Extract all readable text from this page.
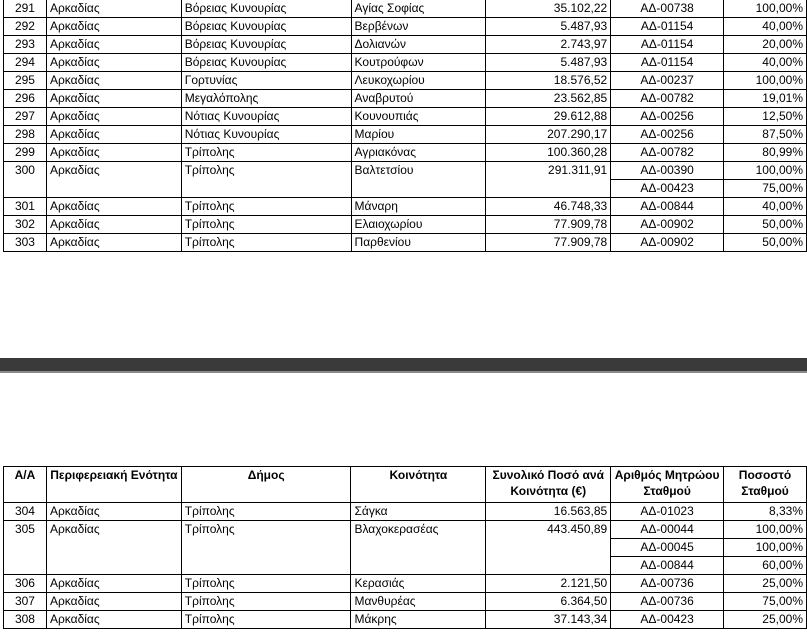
291	Αρκαδίας	Βόρειας Κυνουρίας	Αγίας Σοφίας	35.102,22	ΑΔ-00738	100,00%
292	Αρκαδίας	Βόρειας Κυνουρίας	Βερβένων	5.487,93	ΑΔ-01154	40,00%
293	Αρκαδίας	Βόρειας Κυνουρίας	Δολιανών	2.743,97	ΑΔ-01154	20,00%
294	Αρκαδίας	Βόρειας Κυνουρίας	Κουτρούφων	5.487,93	ΑΔ-01154	40,00%
295	Αρκαδίας	Γορτυνίας	Λευκοχωρίου	18.576,52	ΑΔ-00237	100,00%
296	Αρκαδίας	Μεγαλόπολης	Αναβρυτού	23.562,85	ΑΔ-00782	19,01%
297	Αρκαδίας	Νότιας Κυνουρίας	Κουνουπιάς	29.612,88	ΑΔ-00256	12,50%
298	Αρκαδίας	Νότιας Κυνουρίας	Μαρίου	207.290,17	ΑΔ-00256	87,50%
299	Αρκαδίας	Τρίπολης	Αγριακόνας	100.360,28	ΑΔ-00782	80,99%
300	Αρκαδίας	Τρίπολης	Βαλτετσίου	291.311,91	ΑΔ-00390	100,00%
					ΑΔ-00423	75,00%
301	Αρκαδίας	Τρίπολης	Μάναρη	46.748,33	ΑΔ-00844	40,00%
302	Αρκαδίας	Τρίπολης	Ελαιοχωρίου	77.909,78	ΑΔ-00902	50,00%
303	Αρκαδίας	Τρίπολης	Παρθενίου	77.909,78	ΑΔ-00902	50,00%
Α/Α	Περιφερειακή Ενότητα	Δήμος	Κοινότητα	Συνολικό Ποσό ανά Κοινότητα (€)	Αριθμός Μητρώου Σταθμού	Ποσοστό Σταθμού
304	Αρκαδίας	Τρίπολης	Σάγκα	16.563,85	ΑΔ-01023	8,33%
305	Αρκαδίας	Τρίπολης	Βλαχοκερασέας	443.450,89	ΑΔ-00044	100,00%
					ΑΔ-00045	100,00%
					ΑΔ-00844	60,00%
306	Αρκαδίας	Τρίπολης	Κερασιάς	2.121,50	ΑΔ-00736	25,00%
307	Αρκαδίας	Τρίπολης	Μανθυρέας	6.364,50	ΑΔ-00736	75,00%
308	Αρκαδίας	Τρίπολης	Μάκρης	37.143,34	ΑΔ-00423	25,00%
